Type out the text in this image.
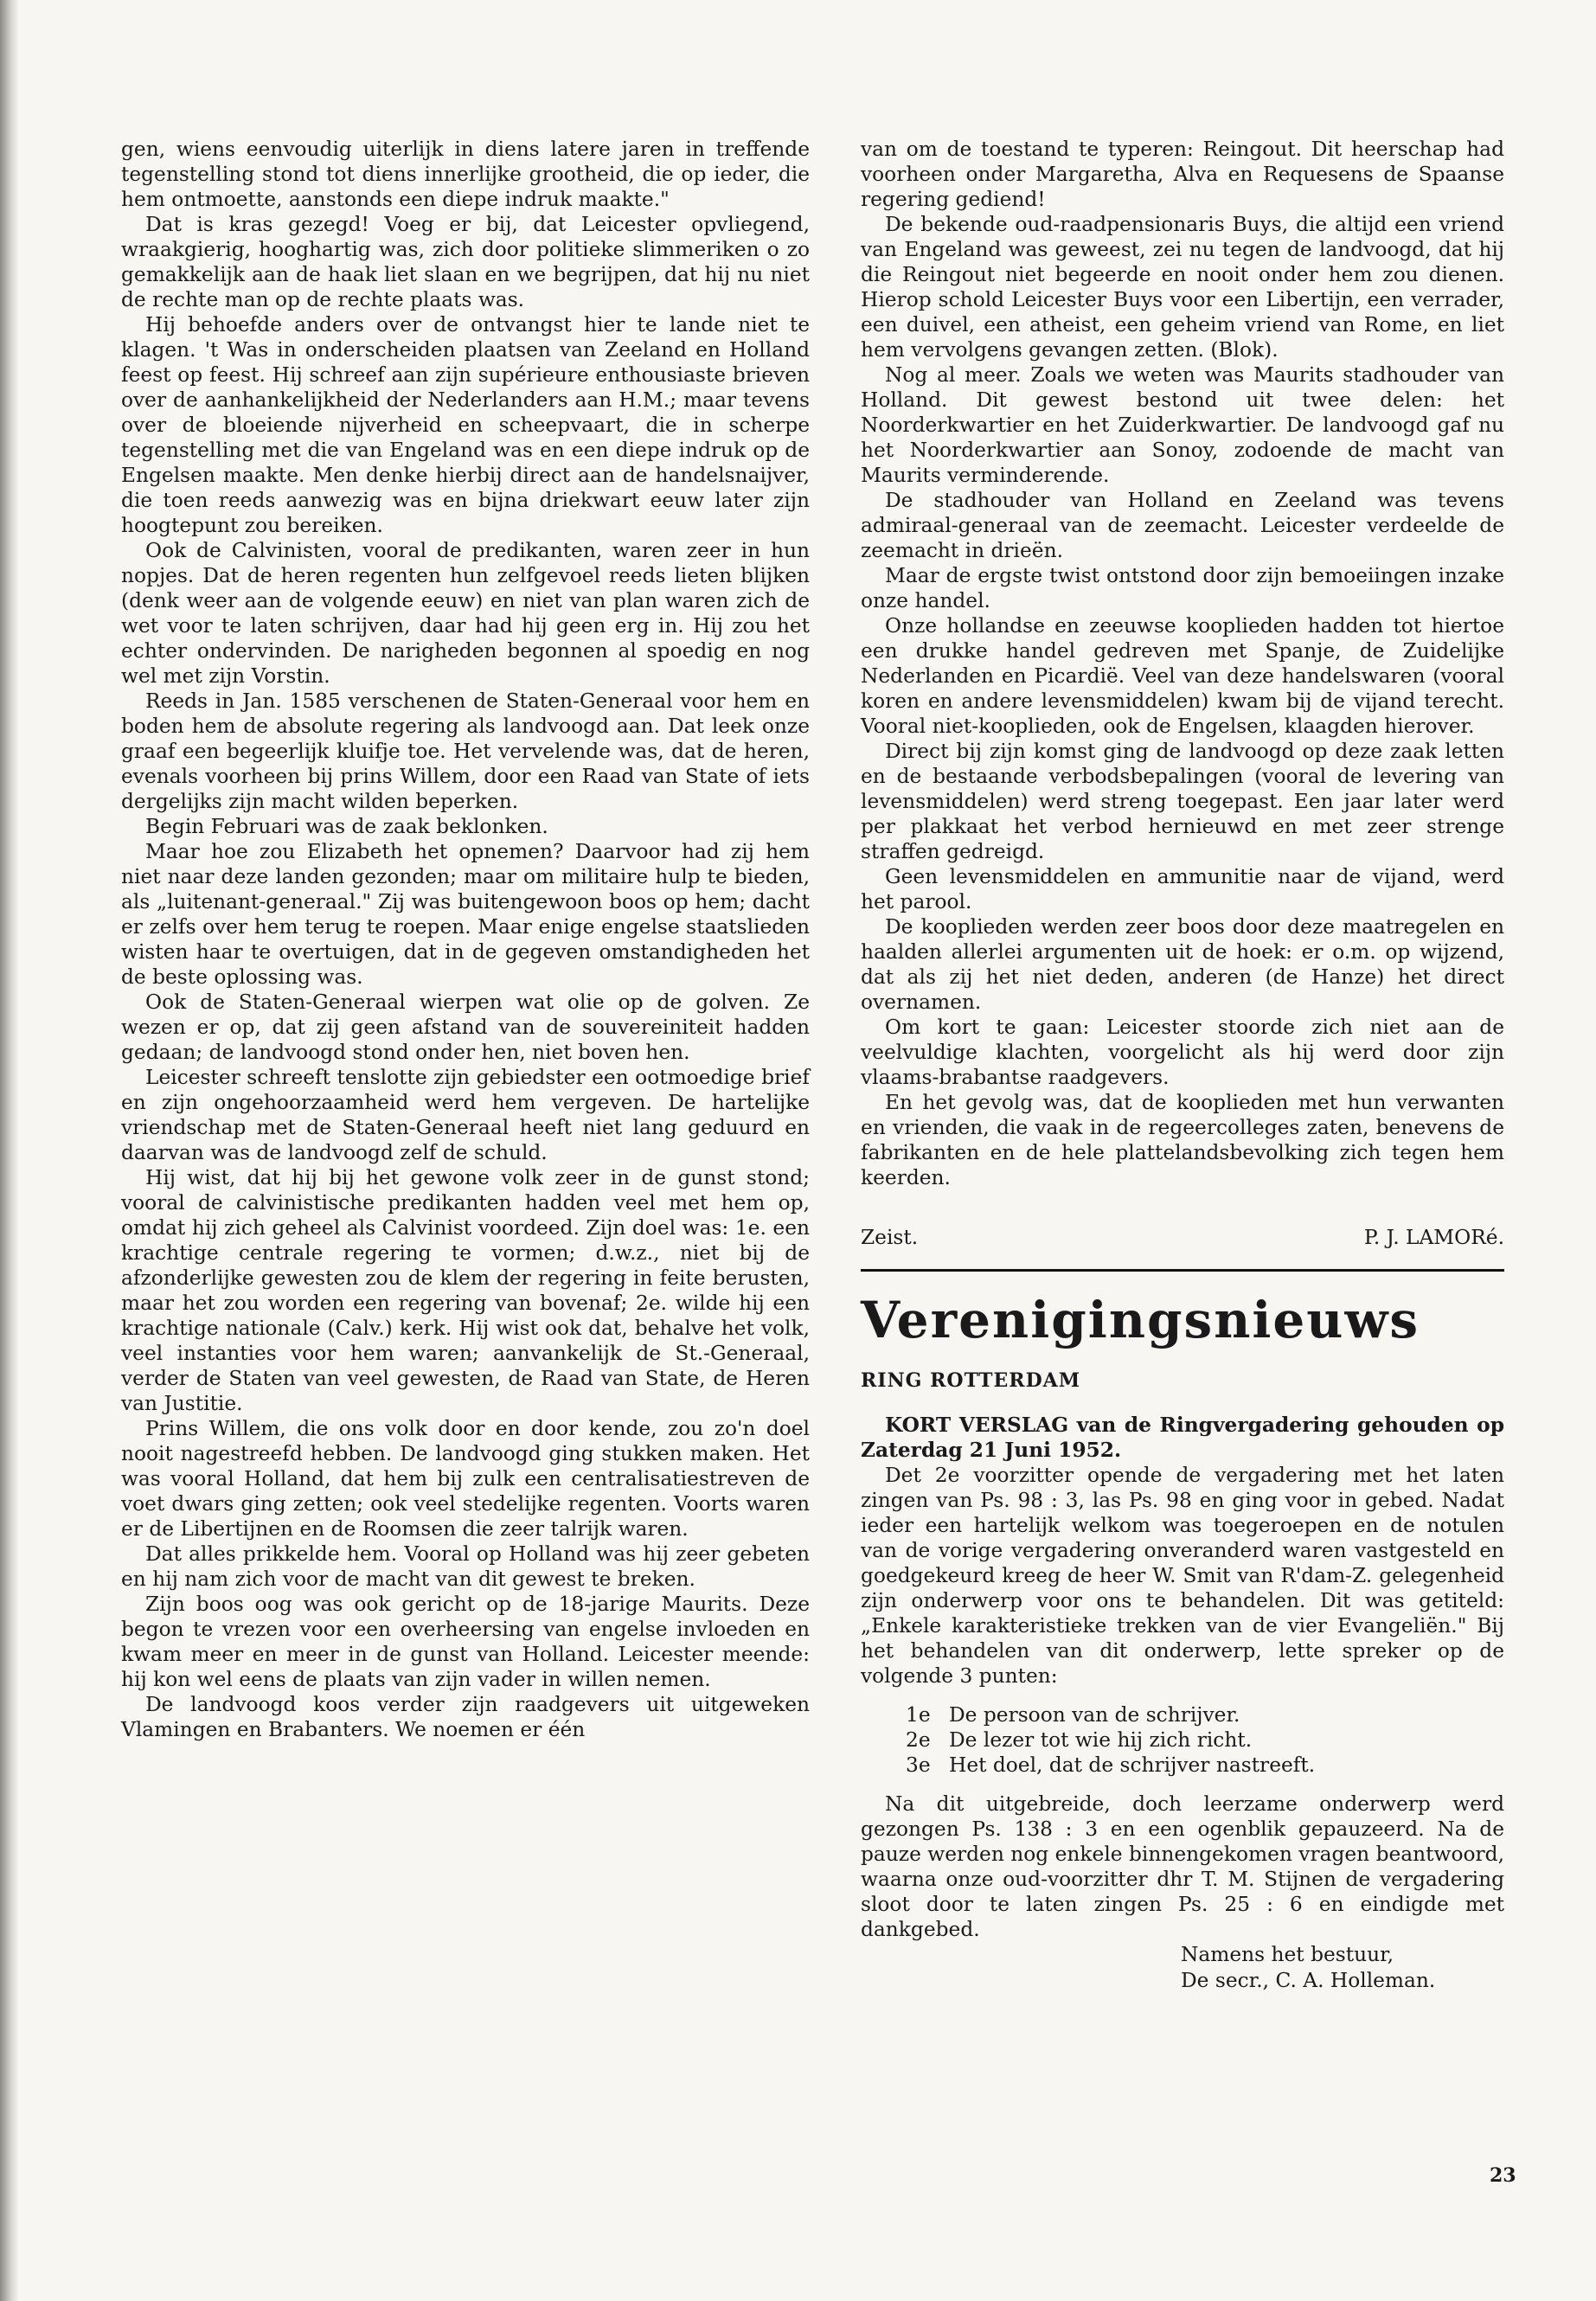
gen, wiens eenvoudig uiterlijk in diens latere jaren in treffende tegenstelling stond tot diens innerlijke grootheid, die op ieder, die hem ontmoette, aanstonds een diepe indruk maakte."

Dat is kras gezegd! Voeg er bij, dat Leicester opvliegend, wraakgierig, hooghartig was, zich door politieke slimmeriken o zo gemakkelijk aan de haak liet slaan en we begrijpen, dat hij nu niet de rechte man op de rechte plaats was.

Hij behoefde anders over de ontvangst hier te lande niet te klagen. 't Was in onderscheiden plaatsen van Zeeland en Holland feest op feest. Hij schreef aan zijn supérieure enthousiaste brieven over de aanhankelijkheid der Nederlanders aan H.M.; maar tevens over de bloeiende nijverheid en scheepvaart, die in scherpe tegenstelling met die van Engeland was en een diepe indruk op de Engelsen maakte. Men denke hierbij direct aan de handelsnaijver, die toen reeds aanwezig was en bijna driekwart eeuw later zijn hoogtepunt zou bereiken.

Ook de Calvinisten, vooral de predikanten, waren zeer in hun nopjes. Dat de heren regenten hun zelfgevoel reeds lieten blijken (denk weer aan de volgende eeuw) en niet van plan waren zich de wet voor te laten schrijven, daar had hij geen erg in. Hij zou het echter ondervinden. De narigheden begonnen al spoedig en nog wel met zijn Vorstin.

Reeds in Jan. 1585 verschenen de Staten-Generaal voor hem en boden hem de absolute regering als landvoogd aan. Dat leek onze graaf een begeerlijk kluifje toe. Het vervelende was, dat de heren, evenals voorheen bij prins Willem, door een Raad van State of iets dergelijks zijn macht wilden beperken.

Begin Februari was de zaak beklonken.

Maar hoe zou Elizabeth het opnemen? Daarvoor had zij hem niet naar deze landen gezonden; maar om militaire hulp te bieden, als „luitenant-generaal." Zij was buitengewoon boos op hem; dacht er zelfs over hem terug te roepen. Maar enige engelse staatslieden wisten haar te overtuigen, dat in de gegeven omstandigheden het de beste oplossing was.

Ook de Staten-Generaal wierpen wat olie op de golven. Ze wezen er op, dat zij geen afstand van de souvereiniteit hadden gedaan; de landvoogd stond onder hen, niet boven hen.

Leicester schreeft tenslotte zijn gebiedster een ootmoedige brief en zijn ongehoorzaamheid werd hem vergeven. De hartelijke vriendschap met de Staten-Generaal heeft niet lang geduurd en daarvan was de landvoogd zelf de schuld.

Hij wist, dat hij bij het gewone volk zeer in de gunst stond; vooral de calvinistische predikanten hadden veel met hem op, omdat hij zich geheel als Calvinist voordeed. Zijn doel was: 1e. een krachtige centrale regering te vormen; d.w.z., niet bij de afzonderlijke gewesten zou de klem der regering in feite berusten, maar het zou worden een regering van bovenaf; 2e. wilde hij een krachtige nationale (Calv.) kerk. Hij wist ook dat, behalve het volk, veel instanties voor hem waren; aanvankelijk de St.-Generaal, verder de Staten van veel gewesten, de Raad van State, de Heren van Justitie.

Prins Willem, die ons volk door en door kende, zou zo'n doel nooit nagestreefd hebben. De landvoogd ging stukken maken. Het was vooral Holland, dat hem bij zulk een centralisatiestreven de voet dwars ging zetten; ook veel stedelijke regenten. Voorts waren er de Libertijnen en de Roomsen die zeer talrijk waren.

Dat alles prikkelde hem. Vooral op Holland was hij zeer gebeten en hij nam zich voor de macht van dit gewest te breken.

Zijn boos oog was ook gericht op de 18-jarige Maurits. Deze begon te vrezen voor een overheersing van engelse invloeden en kwam meer en meer in de gunst van Holland. Leicester meende: hij kon wel eens de plaats van zijn vader in willen nemen.

De landvoogd koos verder zijn raadgevers uit uitgeweken Vlamingen en Brabanters. We noemen er één

van om de toestand te typeren: Reingout. Dit heerschap had voorheen onder Margaretha, Alva en Requesens de Spaanse regering gediend!

De bekende oud-raadpensionaris Buys, die altijd een vriend van Engeland was geweest, zei nu tegen de landvoogd, dat hij die Reingout niet begeerde en nooit onder hem zou dienen. Hierop schold Leicester Buys voor een Libertijn, een verrader, een duivel, een atheist, een geheim vriend van Rome, en liet hem vervolgens gevangen zetten. (Blok).

Nog al meer. Zoals we weten was Maurits stadhouder van Holland. Dit gewest bestond uit twee delen: het Noorderkwartier en het Zuiderkwartier. De landvoogd gaf nu het Noorderkwartier aan Sonoy, zodoende de macht van Maurits verminderende.

De stadhouder van Holland en Zeeland was tevens admiraal-generaal van de zeemacht. Leicester verdeelde de zeemacht in drieën.

Maar de ergste twist ontstond door zijn bemoeiingen inzake onze handel.

Onze hollandse en zeeuwse kooplieden hadden tot hiertoe een drukke handel gedreven met Spanje, de Zuidelijke Nederlanden en Picardië. Veel van deze handelswaren (vooral koren en andere levensmiddelen) kwam bij de vijand terecht. Vooral niet-kooplieden, ook de Engelsen, klaagden hierover.

Direct bij zijn komst ging de landvoogd op deze zaak letten en de bestaande verbodsbepalingen (vooral de levering van levensmiddelen) werd streng toegepast. Een jaar later werd per plakkaat het verbod hernieuwd en met zeer strenge straffen gedreigd.

Geen levensmiddelen en ammunitie naar de vijand, werd het parool.

De kooplieden werden zeer boos door deze maatregelen en haalden allerlei argumenten uit de hoek: er o.m. op wijzend, dat als zij het niet deden, anderen (de Hanze) het direct overnamen.

Om kort te gaan: Leicester stoorde zich niet aan de veelvuldige klachten, voorgelicht als hij werd door zijn vlaams-brabantse raadgevers.

En het gevolg was, dat de kooplieden met hun verwanten en vrienden, die vaak in de regeercolleges zaten, benevens de fabrikanten en de hele plattelandsbevolking zich tegen hem keerden.

Zeist.	P. J. LAMORé.
Verenigingsnieuws
RING ROTTERDAM

KORT VERSLAG van de Ringvergadering gehouden op Zaterdag 21 Juni 1952.

Det 2e voorzitter opende de vergadering met het laten zingen van Ps. 98 : 3, las Ps. 98 en ging voor in gebed. Nadat ieder een hartelijk welkom was toegeroepen en de notulen van de vorige vergadering onveranderd waren vastgesteld en goedgekeurd kreeg de heer W. Smit van R'dam-Z. gelegenheid zijn onderwerp voor ons te behandelen. Dit was getiteld: „Enkele karakteristieke trekken van de vier Evangeliën." Bij het behandelen van dit onderwerp, lette spreker op de volgende 3 punten:

1e De persoon van de schrijver.
2e De lezer tot wie hij zich richt.
3e Het doel, dat de schrijver nastreeft.

Na dit uitgebreide, doch leerzame onderwerp werd gezongen Ps. 138 : 3 en een ogenblik gepauzeerd. Na de pauze werden nog enkele binnengekomen vragen beantwoord, waarna onze oud-voorzitter dhr T. M. Stijnen de vergadering sloot door te laten zingen Ps. 25 : 6 en eindigde met dankgebed.

Namens het bestuur,
De secr., C. A. Holleman.
23
